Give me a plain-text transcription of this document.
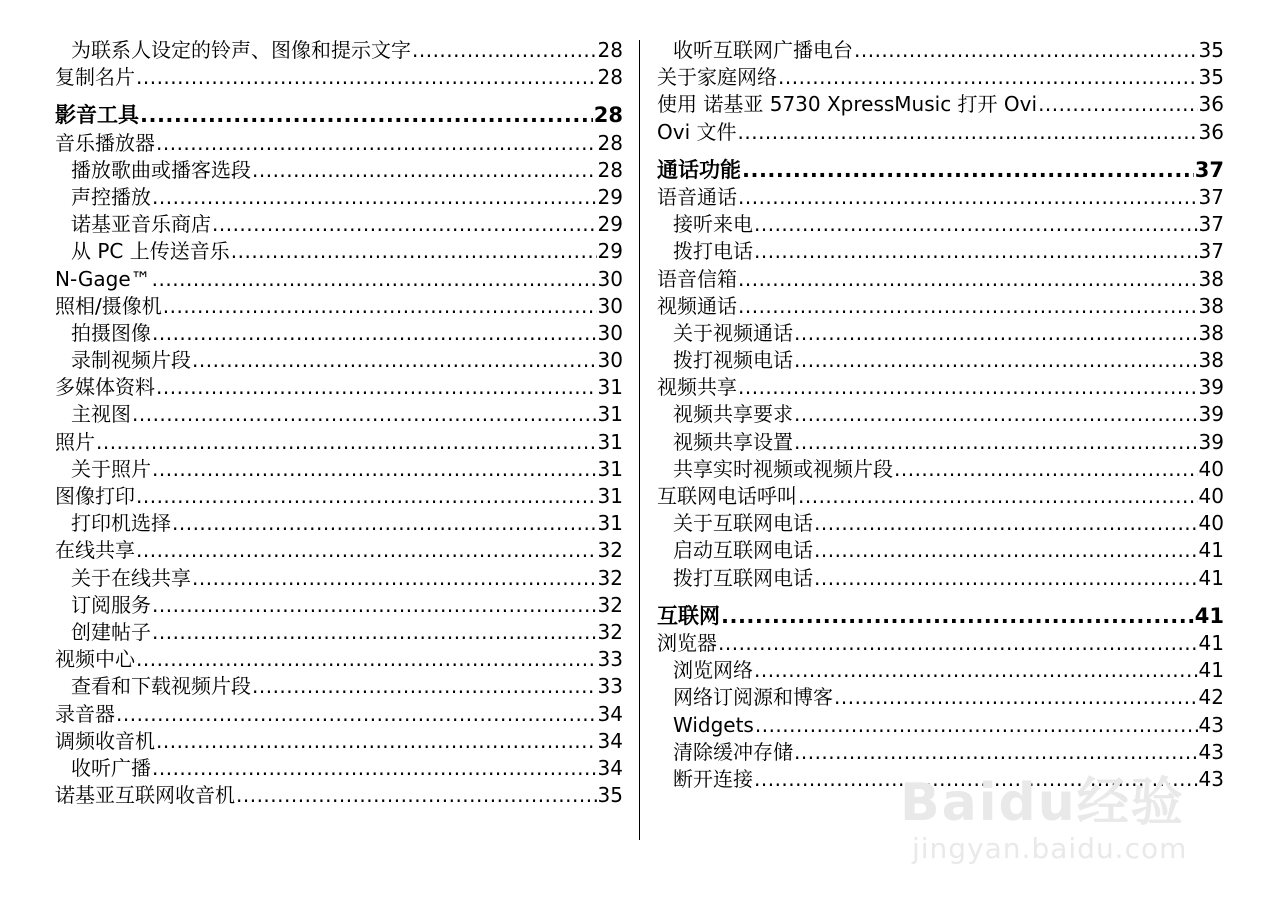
为联系人设定的铃声、图像和提示文字 .....	28
复制名片 .....	28
影音工具 .....	28
音乐播放器 .....	28
播放歌曲或播客选段 .....	28
声控播放 .....	29
诺基亚音乐商店 .....	29
从 PC 上传送音乐 .....	29
N-Gage™ .....	30
照相/摄像机 .....	30
拍摄图像 .....	30
录制视频片段 .....	30
多媒体资料 .....	31
主视图 .....	31
照片 .....	31
关于照片 .....	31
图像打印 .....	31
打印机选择 .....	31
在线共享 .....	32
关于在线共享 .....	32
订阅服务 .....	32
创建帖子 .....	32
视频中心 .....	33
查看和下载视频片段 .....	33
录音器 .....	34
调频收音机 .....	34
收听广播 .....	34
诺基亚互联网收音机 .....	35
收听互联网广播电台 .....	35
关于家庭网络 .....	35
使用 诺基亚 5730 XpressMusic 打开 Ovi .....	36
Ovi 文件 .....	36
通话功能 .....	37
语音通话 .....	37
接听来电 .....	37
拨打电话 .....	37
语音信箱 .....	38
视频通话 .....	38
关于视频通话 .....	38
拨打视频电话 .....	38
视频共享 .....	39
视频共享要求 .....	39
视频共享设置 .....	39
共享实时视频或视频片段 .....	40
互联网电话呼叫 .....	40
关于互联网电话 .....	40
启动互联网电话 .....	41
拨打互联网电话 .....	41
互联网 .....	41
浏览器 .....	41
浏览网络 .....	41
网络订阅源和博客 .....	42
Widgets .....	43
清除缓冲存储 .....	43
断开连接 .....	43
Baidu经验
jingyan.baidu.com
